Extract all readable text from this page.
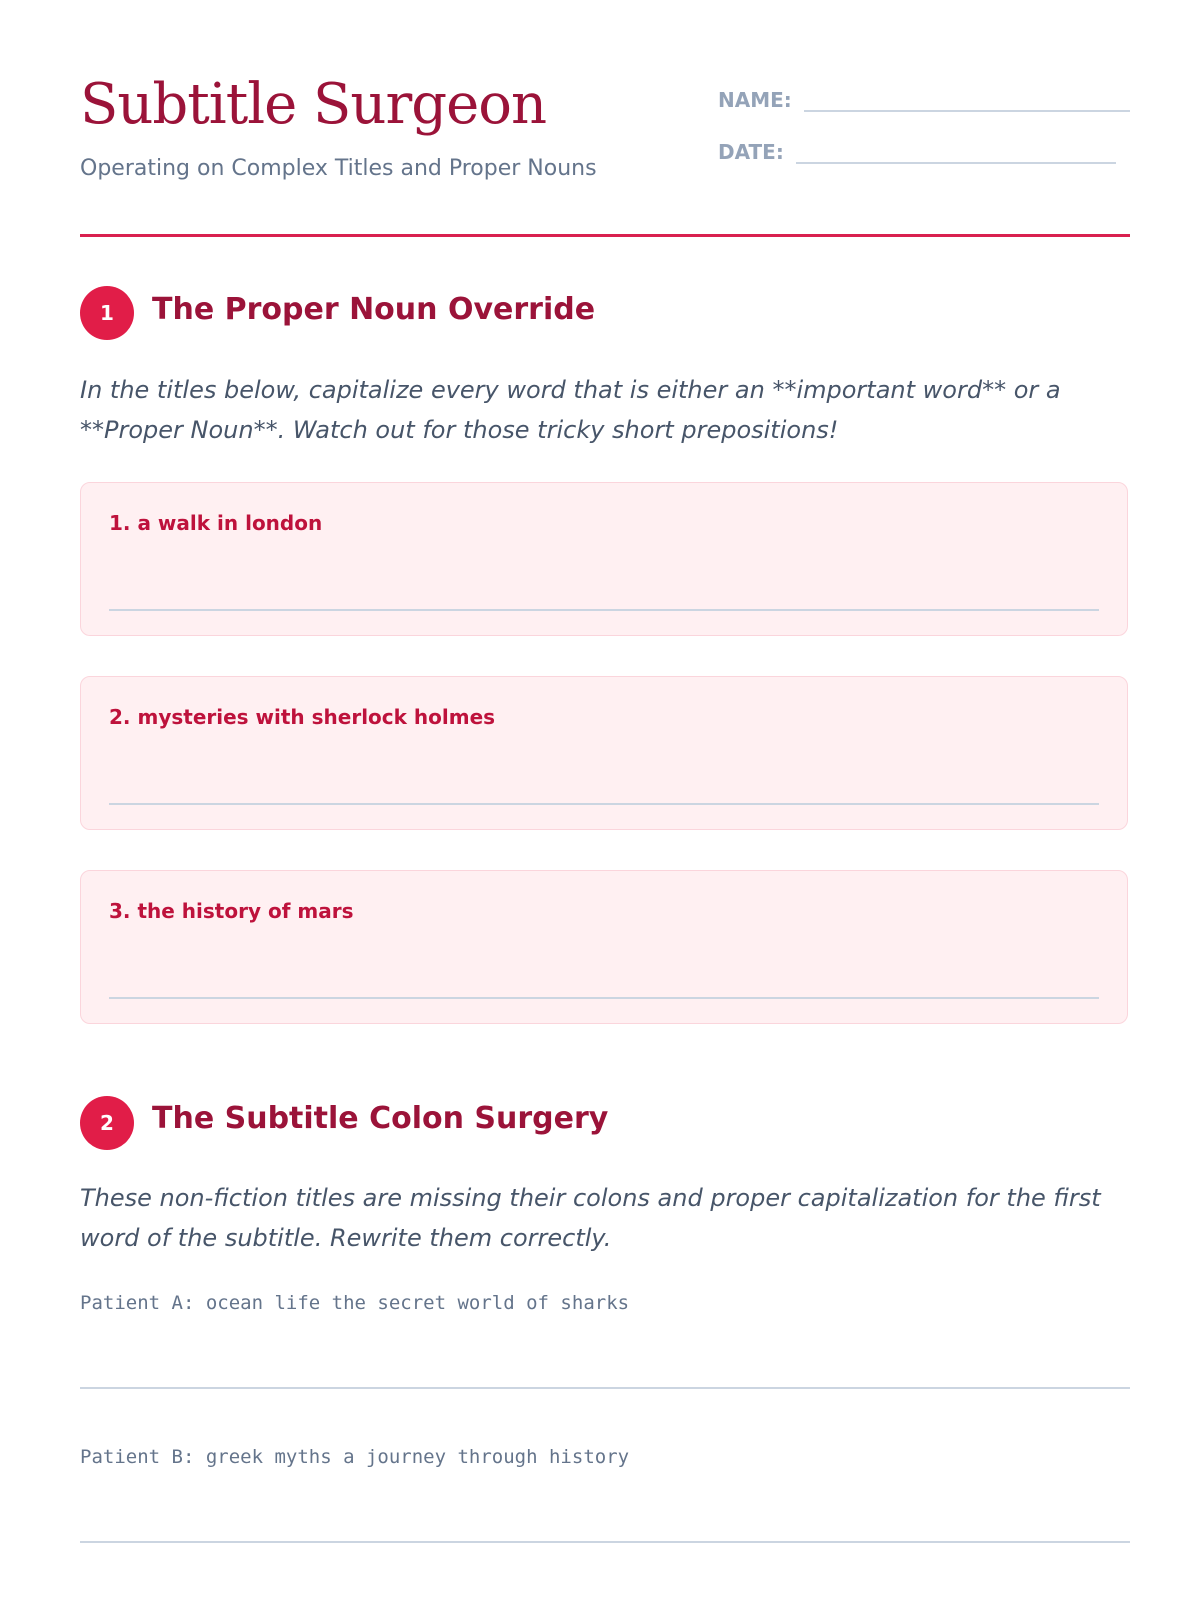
Subtitle Surgeon
Operating on Complex Titles and Proper Nouns
NAME:
DATE:
1	The Proper Noun Override
In the titles below, capitalize every word that is either an **important word** or a **Proper Noun**. Watch out for those tricky short prepositions!
1. a walk in london
2. mysteries with sherlock holmes
3. the history of mars
2	The Subtitle Colon Surgery
These non-fiction titles are missing their colons and proper capitalization for the first word of the subtitle. Rewrite them correctly.
Patient A: ocean life the secret world of sharks
Patient B: greek myths a journey through history
